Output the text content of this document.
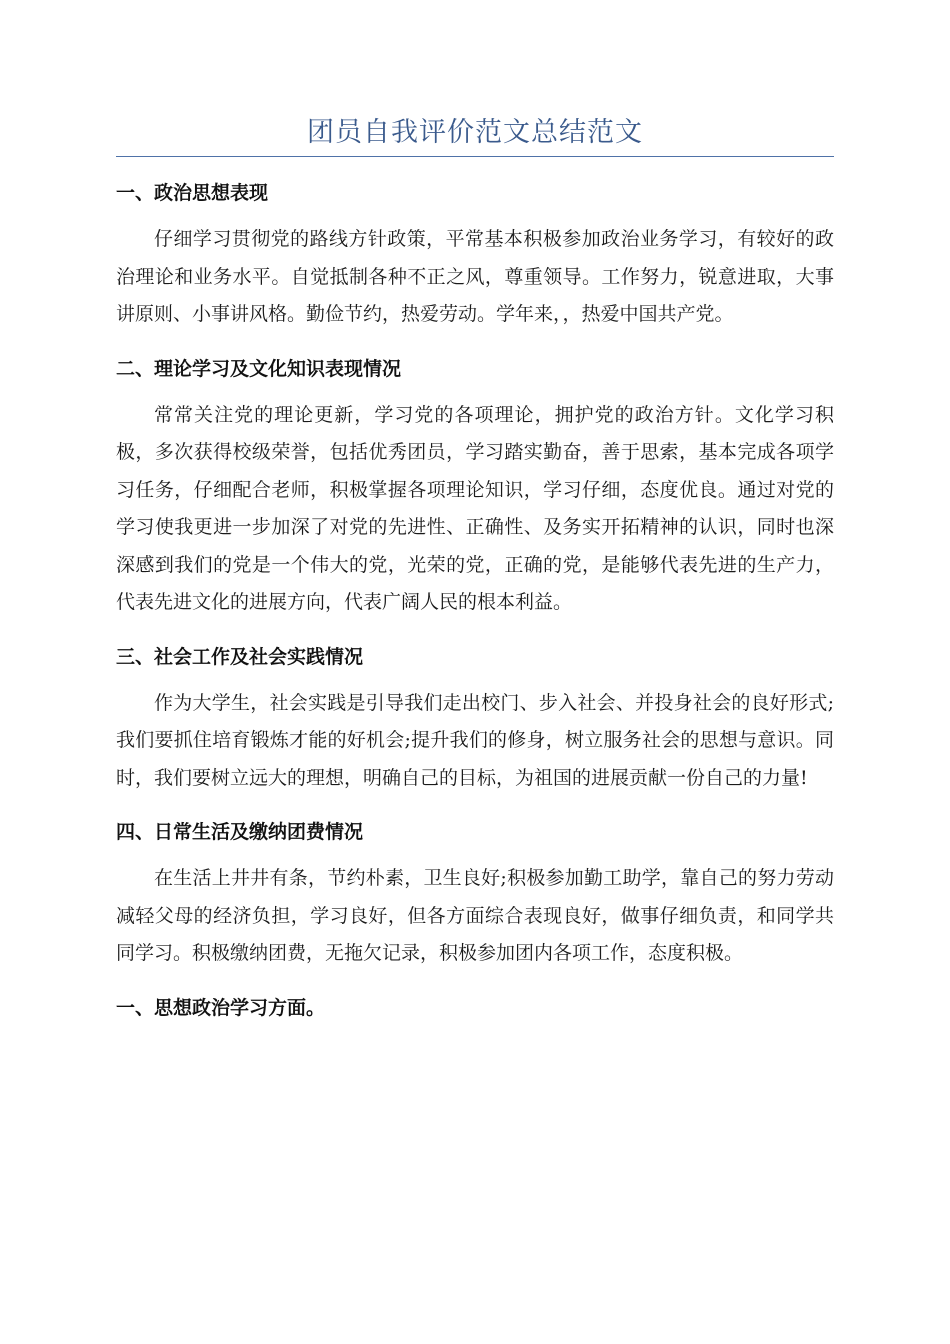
团员自我评价范文总结范文
一、政治思想表现

仔细学习贯彻党的路线方针政策，平常基本积极参加政治业务学习，有较好的政治理论和业务水平。自觉抵制各种不正之风，尊重领导。工作努力，锐意进取，大事讲原则、小事讲风格。勤俭节约，热爱劳动。学年来，，热爱中国共产党。

二、理论学习及文化知识表现情况

常常关注党的理论更新，学习党的各项理论，拥护党的政治方针。文化学习积极，多次获得校级荣誉，包括优秀团员，学习踏实勤奋，善于思索，基本完成各项学习任务，仔细配合老师，积极掌握各项理论知识，学习仔细，态度优良。通过对党的学习使我更进一步加深了对党的先进性、正确性、及务实开拓精神的认识，同时也深深感到我们的党是一个伟大的党，光荣的党，正确的党，是能够代表先进的生产力，代表先进文化的进展方向，代表广阔人民的根本利益。

三、社会工作及社会实践情况

作为大学生，社会实践是引导我们走出校门、步入社会、并投身社会的良好形式;我们要抓住培育锻炼才能的好机会;提升我们的修身，树立服务社会的思想与意识。同时，我们要树立远大的理想，明确自己的目标，为祖国的进展贡献一份自己的力量!

四、日常生活及缴纳团费情况

在生活上井井有条，节约朴素，卫生良好;积极参加勤工助学，靠自己的努力劳动减轻父母的经济负担，学习良好，但各方面综合表现良好，做事仔细负责，和同学共同学习。积极缴纳团费，无拖欠记录，积极参加团内各项工作，态度积极。

一、思想政治学习方面。
